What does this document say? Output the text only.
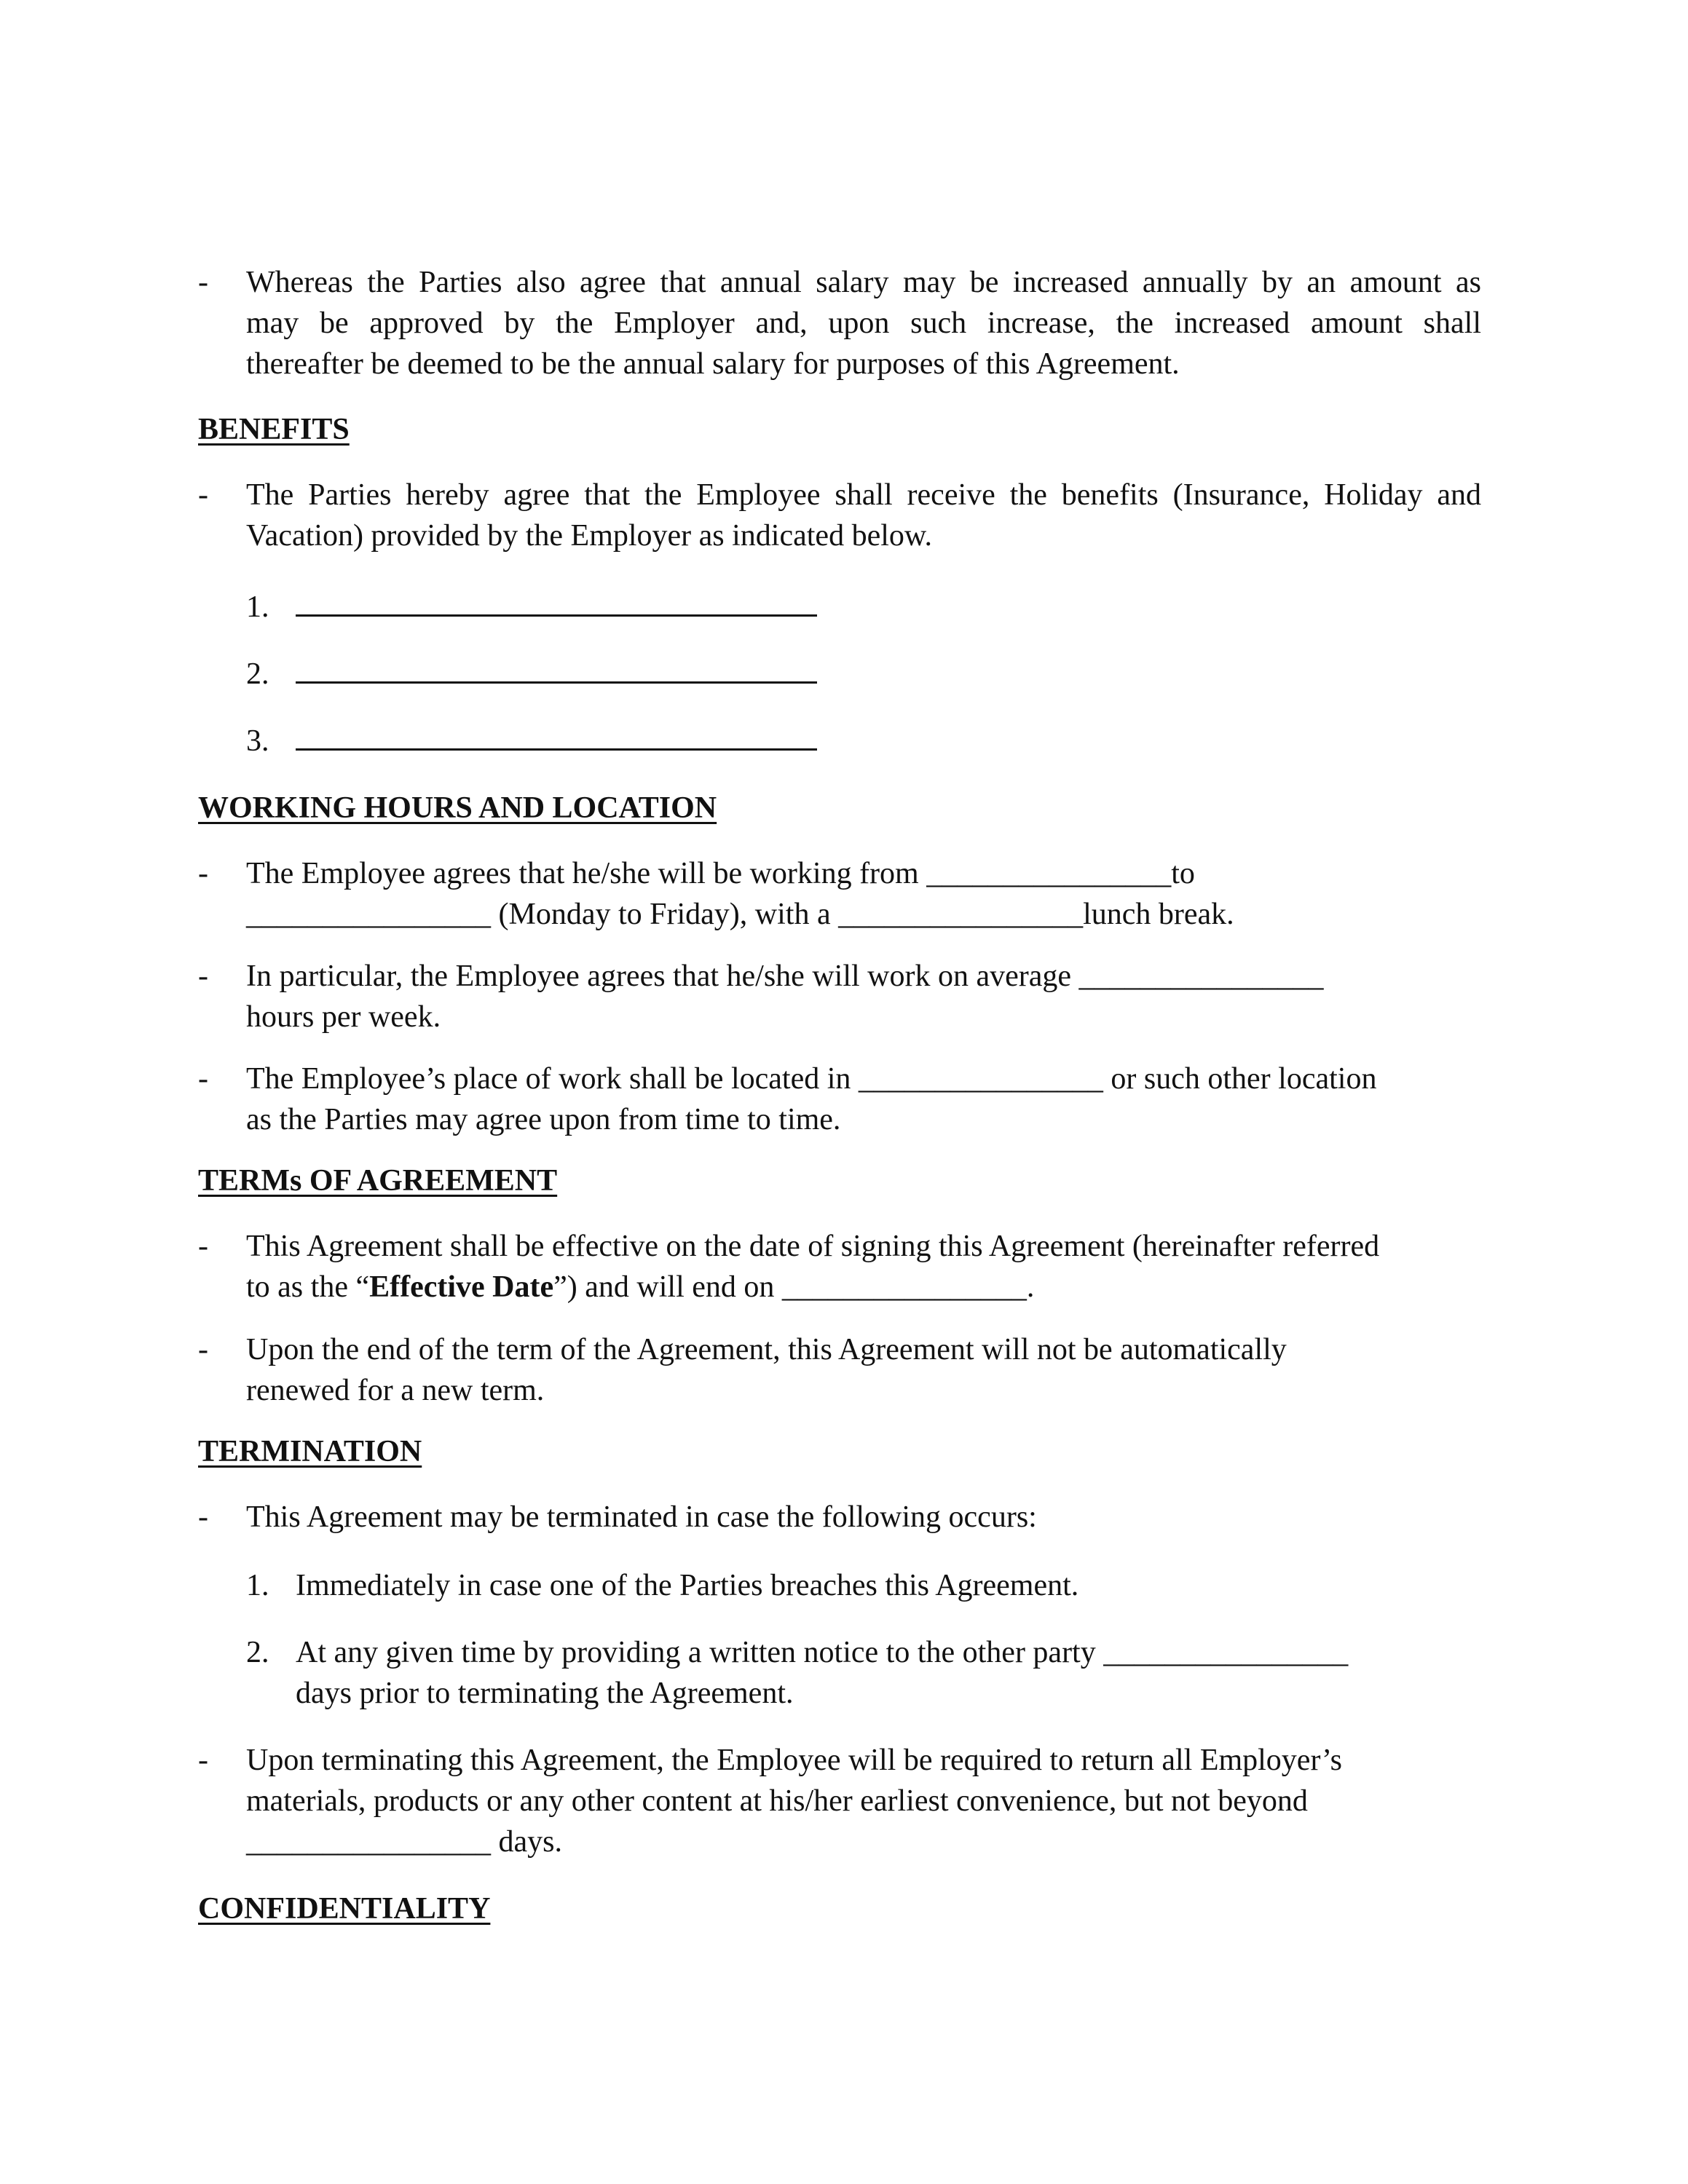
-	Whereas the Parties also agree that annual salary may be increased annually by an amount as
may be approved by the Employer and, upon such increase, the increased amount shall
thereafter be deemed to be the annual salary for purposes of this Agreement.
BENEFITS
-	The Parties hereby agree that the Employee shall receive the benefits (Insurance, Holiday and
Vacation) provided by the Employer as indicated below.
1.
2.
3.
WORKING HOURS AND LOCATION
-	The Employee agrees that he/she will be working from ________________to
________________ (Monday to Friday), with a ________________lunch break.
-	In particular, the Employee agrees that he/she will work on average ________________
hours per week.
-	The Employee’s place of work shall be located in ________________ or such other location
as the Parties may agree upon from time to time.
TERMs OF AGREEMENT
-	This Agreement shall be effective on the date of signing this Agreement (hereinafter referred
to as the “Effective Date”) and will end on ________________.
-	Upon the end of the term of the Agreement, this Agreement will not be automatically
renewed for a new term.
TERMINATION
-	This Agreement may be terminated in case the following occurs:
1. Immediately in case one of the Parties breaches this Agreement.
2. At any given time by providing a written notice to the other party ________________
days prior to terminating the Agreement.
-	Upon terminating this Agreement, the Employee will be required to return all Employer’s
materials, products or any other content at his/her earliest convenience, but not beyond
________________ days.
CONFIDENTIALITY
